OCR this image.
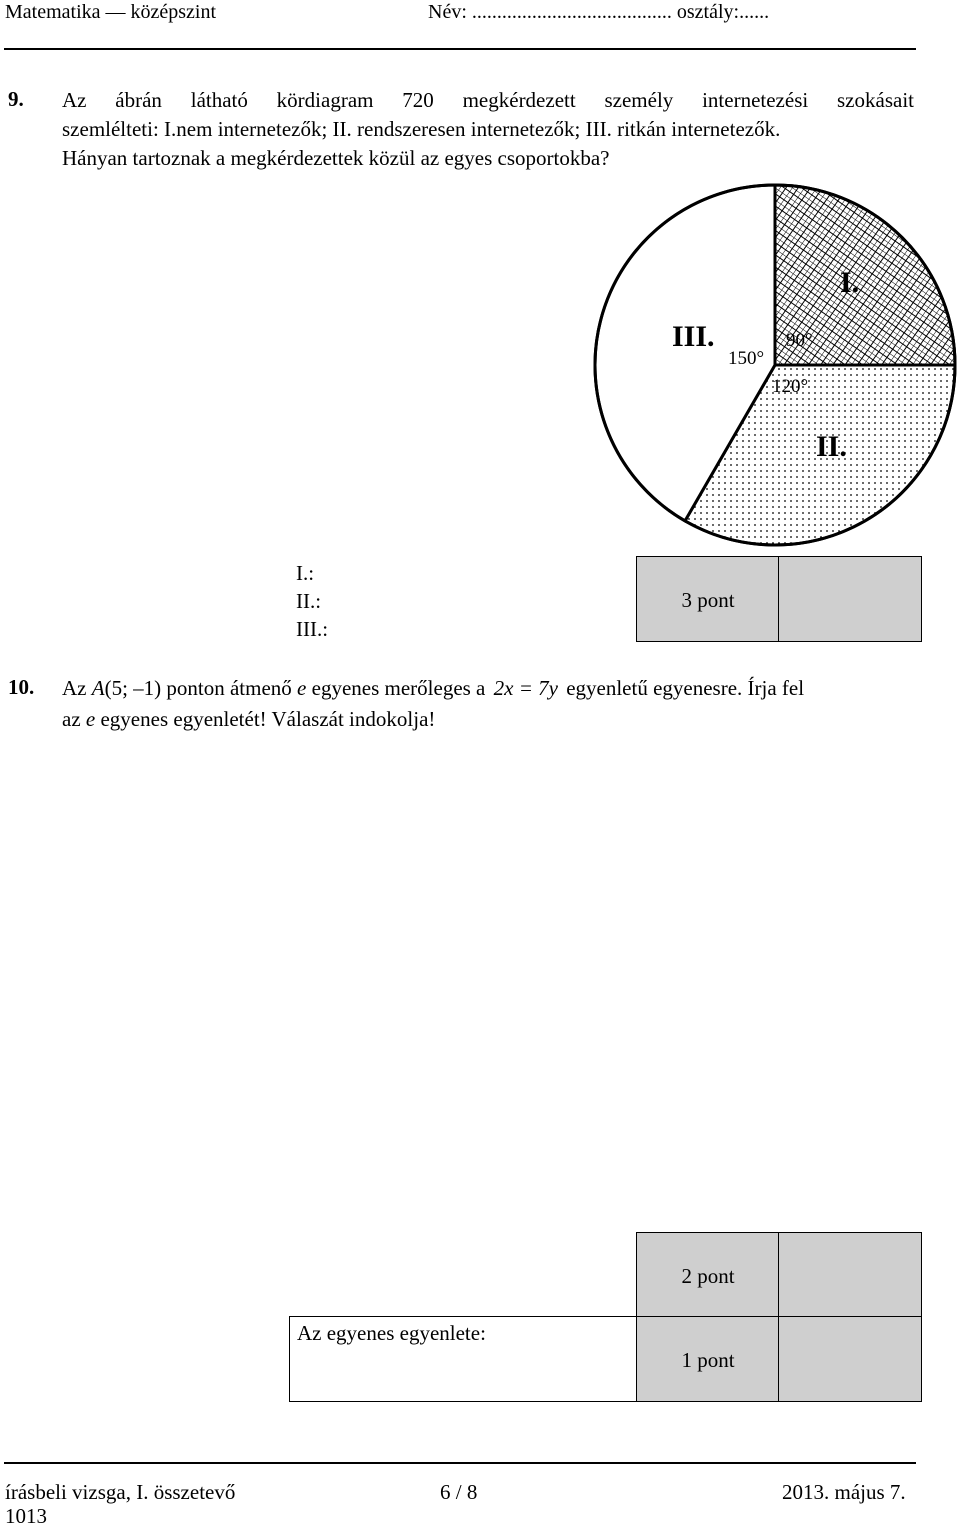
Matematika — középszint	Név: ........................................ osztály:......
9. Az ábrán látható kördiagram 720 megkérdezett személy internetezési szokásait
szemlélteti: I.nem internetezők; II. rendszeresen internetezők; III. ritkán internetezők.
Hányan tartoznak a megkérdezettek közül az egyes csoportokba?
I.
II.
III.	90°
120°
150°
I.:
II.:
III.:
3 pont
10. Az A(5; –1) ponton átmenő e egyenes merőleges a 2x = 7y egyenletű egyenesre. Írja fel
az e egyenes egyenletét! Válaszát indokolja!
2 pont
Az egyenes egyenlete:
1 pont
írásbeli vizsga, I. összetevő	6 / 8	2013. május 7.
1013
